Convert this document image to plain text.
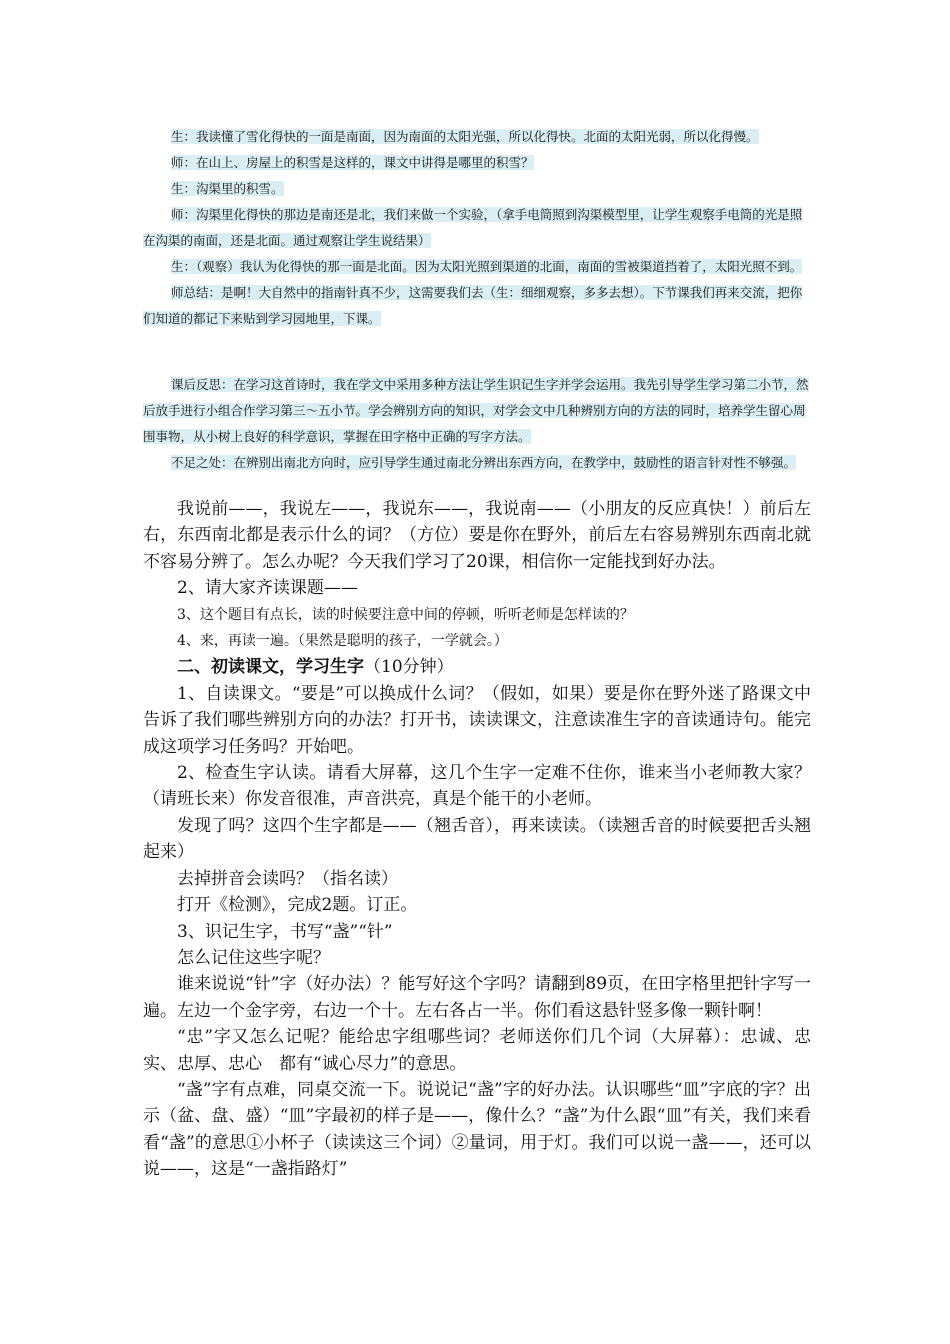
生：我读懂了雪化得快的一面是南面，因为南面的太阳光强，所以化得快。北面的太阳光弱，所以化得慢。

师：在山上、房屋上的积雪是这样的，课文中讲得是哪里的积雪？

生：沟渠里的积雪。

师：沟渠里化得快的那边是南还是北，我们来做一个实验，（拿手电筒照到沟渠模型里，让学生观察手电筒的光是照在沟渠的南面，还是北面。通过观察让学生说结果）

生：（观察）我认为化得快的那一面是北面。因为太阳光照到渠道的北面，南面的雪被渠道挡着了，太阳光照不到。

师总结：是啊！大自然中的指南针真不少，这需要我们去（生：细细观察，多多去想）。下节课我们再来交流，把你们知道的都记下来贴到学习园地里，下课。

课后反思：在学习这首诗时，我在学文中采用多种方法让学生识记生字并学会运用。我先引导学生学习第二小节，然后放手进行小组合作学习第三～五小节。学会辨别方向的知识，对学会文中几种辨别方向的方法的同时，培养学生留心周围事物，从小树上良好的科学意识，掌握在田字格中正确的写字方法。

不足之处：在辨别出南北方向时，应引导学生通过南北分辨出东西方向，在教学中，鼓励性的语言针对性不够强。

我说前——，我说左——，我说东——，我说南——（小朋友的反应真快！）前后左右，东西南北都是表示什么的词？（方位）要是你在野外，前后左右容易辨别东西南北就不容易分辨了。怎么办呢？今天我们学习了20课，相信你一定能找到好办法。

2、请大家齐读课题——

3、这个题目有点长，读的时候要注意中间的停顿，听听老师是怎样读的？

4、来，再读一遍。（果然是聪明的孩子，一学就会。）

二、初读课文，学习生字（10分钟）

1、自读课文。“要是”可以换成什么词？（假如，如果）要是你在野外迷了路课文中告诉了我们哪些辨别方向的办法？打开书，读读课文，注意读准生字的音读通诗句。能完成这项学习任务吗？开始吧。

2、检查生字认读。请看大屏幕，这几个生字一定难不住你，谁来当小老师教大家？（请班长来）你发音很准，声音洪亮，真是个能干的小老师。

发现了吗？这四个生字都是——（翘舌音），再来读读。（读翘舌音的时候要把舌头翘起来）

去掉拼音会读吗？（指名读）

打开《检测》，完成2题。订正。

3、识记生字，书写“盏”“针”

怎么记住这些字呢？

谁来说说“针”字（好办法）？能写好这个字吗？请翻到89页，在田字格里把针字写一遍。左边一个金字旁，右边一个十。左右各占一半。你们看这悬针竖多像一颗针啊！

“忠”字又怎么记呢？能给忠字组哪些词？老师送你们几个词（大屏幕）：忠诚、忠实、忠厚、忠心　都有“诚心尽力”的意思。

“盏”字有点难，同桌交流一下。说说记“盏”字的好办法。认识哪些“皿”字底的字？出示（盆、盘、盛）“皿”字最初的样子是——，像什么？“盏”为什么跟“皿”有关，我们来看看“盏”的意思①小杯子（读读这三个词）②量词，用于灯。我们可以说一盏——，还可以说——，这是“一盏指路灯”
